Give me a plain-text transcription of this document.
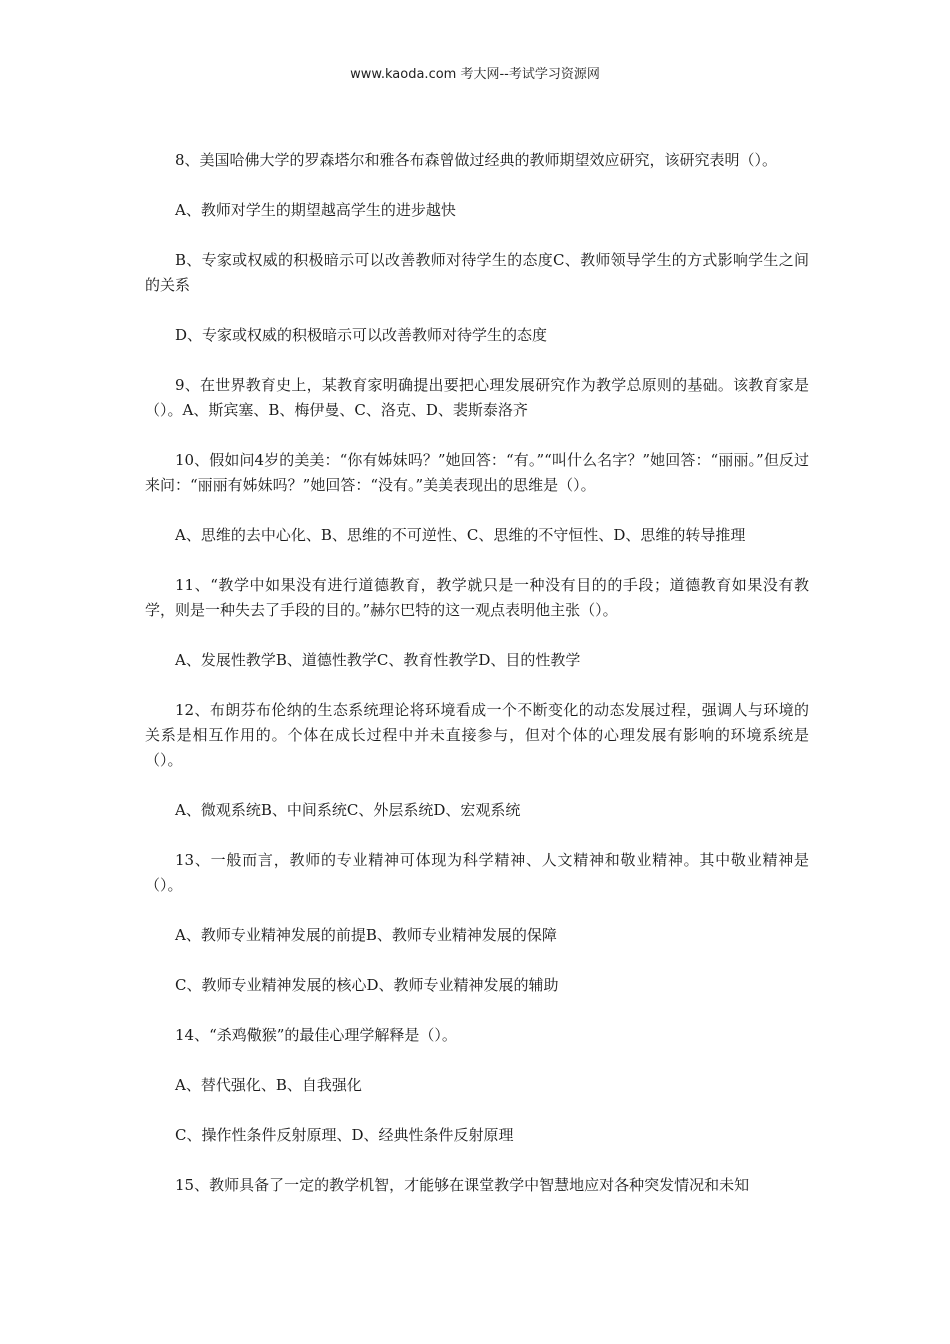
www.kaoda.com 考大网--考试学习资源网

8、美国哈佛大学的罗森塔尔和雅各布森曾做过经典的教师期望效应研究，该研究表明（）。

A、教师对学生的期望越高学生的进步越快

B、专家或权威的积极暗示可以改善教师对待学生的态度C、教师领导学生的方式影响学生之间的关系

D、专家或权威的积极暗示可以改善教师对待学生的态度

9、在世界教育史上，某教育家明确提出要把心理发展研究作为教学总原则的基础。该教育家是（）。A、斯宾塞、B、梅伊曼、C、洛克、D、裴斯泰洛齐

10、假如问4岁的美美：“你有姊妹吗？”她回答：“有。”“叫什么名字？”她回答：“丽丽。”但反过来问：“丽丽有姊妹吗？”她回答：“没有。”美美表现出的思维是（）。

A、思维的去中心化、B、思维的不可逆性、C、思维的不守恒性、D、思维的转导推理

11、“教学中如果没有进行道德教育，教学就只是一种没有目的的手段；道德教育如果没有教学，则是一种失去了手段的目的。”赫尔巴特的这一观点表明他主张（）。

A、发展性教学B、道德性教学C、教育性教学D、目的性教学

12、布朗芬布伦纳的生态系统理论将环境看成一个不断变化的动态发展过程，强调人与环境的关系是相互作用的。个体在成长过程中并未直接参与，但对个体的心理发展有影响的环境系统是（）。

A、微观系统B、中间系统C、外层系统D、宏观系统

13、一般而言，教师的专业精神可体现为科学精神、人文精神和敬业精神。其中敬业精神是（）。

A、教师专业精神发展的前提B、教师专业精神发展的保障

C、教师专业精神发展的核心D、教师专业精神发展的辅助

14、“杀鸡儆猴”的最佳心理学解释是（）。

A、替代强化、B、自我强化

C、操作性条件反射原理、D、经典性条件反射原理

15、教师具备了一定的教学机智，才能够在课堂教学中智慧地应对各种突发情况和未知
